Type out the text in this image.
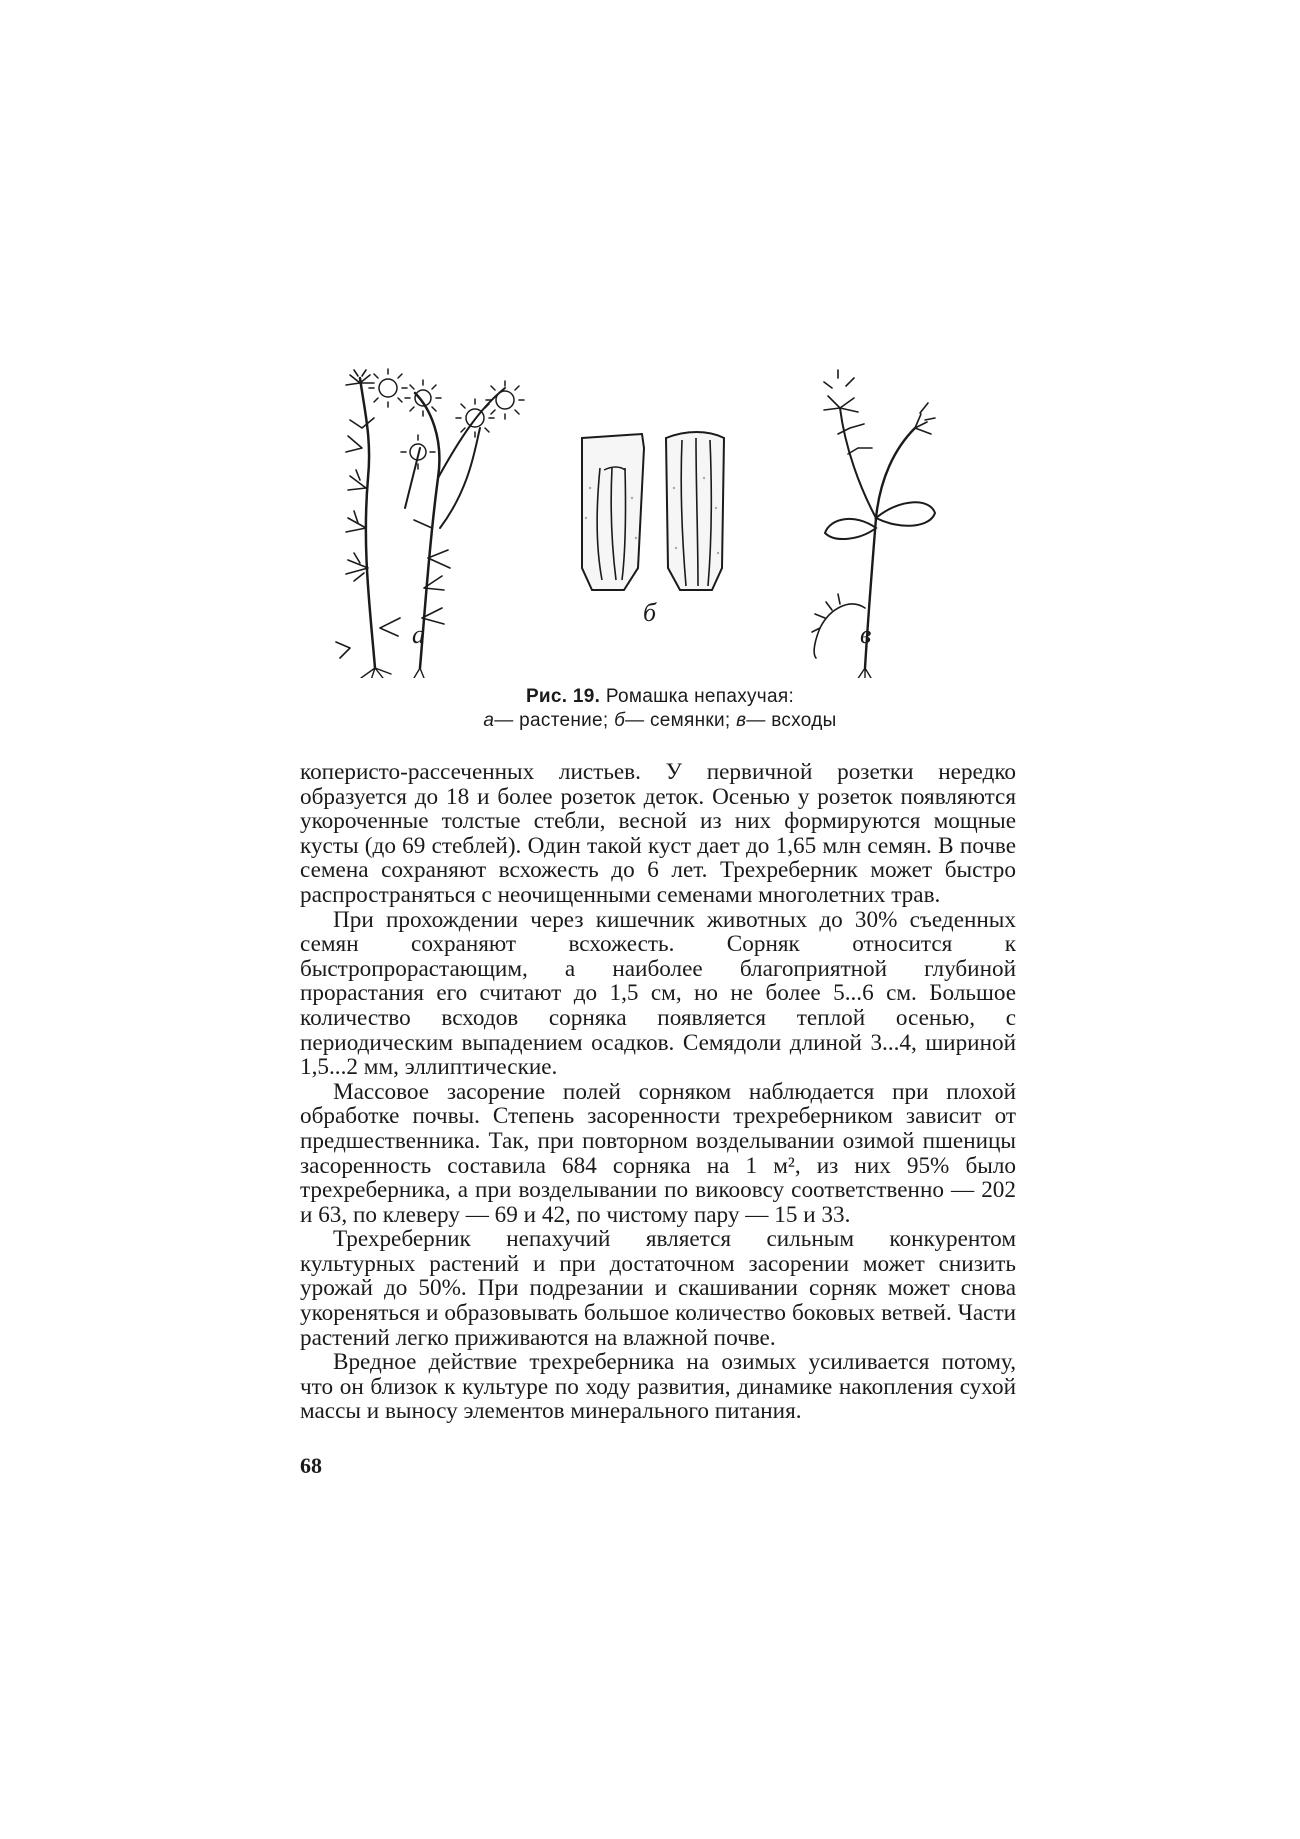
а
б
в
Рис. 19. Ромашка непахучая:
а— растение; б— семянки; в— всходы

коперисто-рассеченных листьев. У первичной розетки нередко образуется до 18 и более розеток деток. Осенью у розеток появляются укороченные толстые стебли, весной из них формируются мощные кусты (до 69 стеблей). Один такой куст дает до 1,65 млн семян. В почве семена сохраняют всхожесть до 6 лет. Трехреберник может быстро распространяться с неочищенными семенами многолетних трав.

При прохождении через кишечник животных до 30% съеденных семян сохраняют всхожесть. Сорняк относится к быстропрорастающим, а наиболее благоприятной глубиной прорастания его считают до 1,5 см, но не более 5...6 см. Большое количество всходов сорняка появляется теплой осенью, с периодическим выпадением осадков. Семядоли длиной 3...4, шириной 1,5...2 мм, эллиптические.

Массовое засорение полей сорняком наблюдается при плохой обработке почвы. Степень засоренности трехреберником зависит от предшественника. Так, при повторном возделывании озимой пшеницы засоренность составила 684 сорняка на 1 м², из них 95% было трехреберника, а при возделывании по викоовсу соответственно — 202 и 63, по клеверу — 69 и 42, по чистому пару — 15 и 33.

Трехреберник непахучий является сильным конкурентом культурных растений и при достаточном засорении может снизить урожай до 50%. При подрезании и скашивании сорняк может снова укореняться и образовывать большое количество боковых ветвей. Части растений легко приживаются на влажной почве.

Вредное действие трехреберника на озимых усиливается потому, что он близок к культуре по ходу развития, динамике накопления сухой массы и выносу элементов минерального питания.

68
